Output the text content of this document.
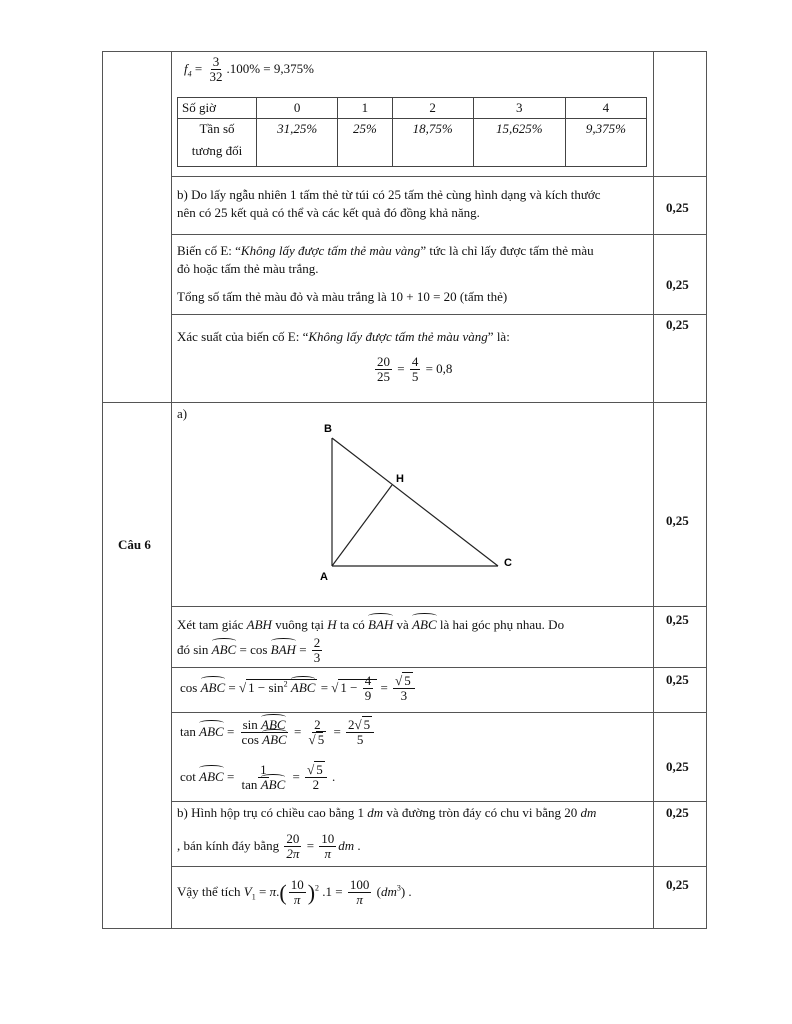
$f_4 = \frac{3}{32} .100\% = 9,375\%$
Số giờ	0	1	2	3	4

Tần số
tương đối	31,25%	25%	18,75%	15,625%	9,375%
b) Do lấy ngẫu nhiên 1 tấm thẻ từ túi có 25 tấm thẻ cùng hình dạng và kích thước
nên có 25 kết quả có thể và các kết quả đó đồng khả năng.	0,25
Biến cố E: “Không lấy được tấm thẻ màu vàng” tức là chỉ lấy được tấm thẻ màu
đỏ hoặc tấm thẻ màu trắng.
Tổng số tấm thẻ màu đỏ và màu trắng là 10 + 10 = 20 (tấm thẻ)
0,25
Xác suất của biến cố E: “Không lấy được tấm thẻ màu vàng” là:
$\frac{20}{25} = \frac{4}{5} = 0,8$
0,25
Câu 6
a)
B
H
A
C
0,25
Xét tam giác ABH vuông tại H ta có BAH và ABC là hai góc phụ nhau. Do
đó sin ABC = cos BAH = $\frac{2}{3}$
0,25
cos ABC = √ $1 - \sin^2$ ABC = √ $1 - \frac{4}{9} = \frac{√ 5}{3}$	0,25
tan ABC = $\frac{\text{sin ABC}}{\text{cos ABC}} = \frac{2}{√ 5} = \frac{2√ 5}{5}$
cot ABC = $\frac{1}{\text{tan ABC}} = \frac{√ 5}{2}$ .
0,25
b) Hình hộp trụ có chiều cao bằng 1 dm và đường tròn đáy có chu vi bằng 20 dm
, bán kính đáy bằng $\frac{20}{2\pi} = \frac{10}{\pi}$ dm .
0,25
Vậy thể tích $V_1 = \pi.( \frac{10}{\pi} )^2$ $.1 = \frac{100}{\pi} (dm^3)$ .	0,25
